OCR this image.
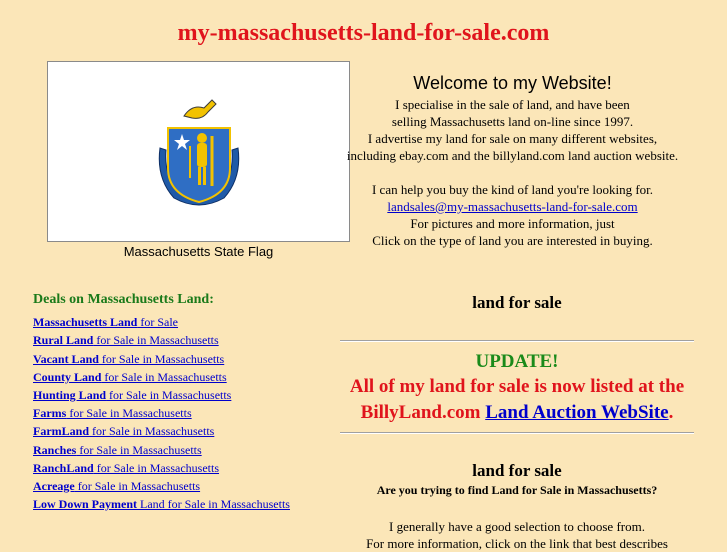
my-massachusetts-land-for-sale.com
Massachusetts State Flag
Welcome to my Website!

I specialise in the sale of land, and have been

selling Massachusetts land on-line since 1997.

I advertise my land for sale on many different websites,

including ebay.com and the billyland.com land auction website.

I can help you buy the kind of land you're looking for.

landsales@my-massachusetts-land-for-sale.com

For pictures and more information, just

Click on the type of land you are interested in buying.

Deals on Massachusetts Land:
Massachusetts Land for Sale
Rural Land for Sale in Massachusetts
Vacant Land for Sale in Massachusetts
County Land for Sale in Massachusetts
Hunting Land for Sale in Massachusetts
Farms for Sale in Massachusetts
FarmLand for Sale in Massachusetts
Ranches for Sale in Massachusetts
RanchLand for Sale in Massachusetts
Acreage for Sale in Massachusetts
Low Down Payment Land for Sale in Massachusetts
land for sale
UPDATE!
All of my land for sale is now listed at the
BillyLand.com Land Auction WebSite.
land for sale
Are you trying to find Land for Sale in Massachusetts?
I generally have a good selection to choose from.
For more information, click on the link that best describes
